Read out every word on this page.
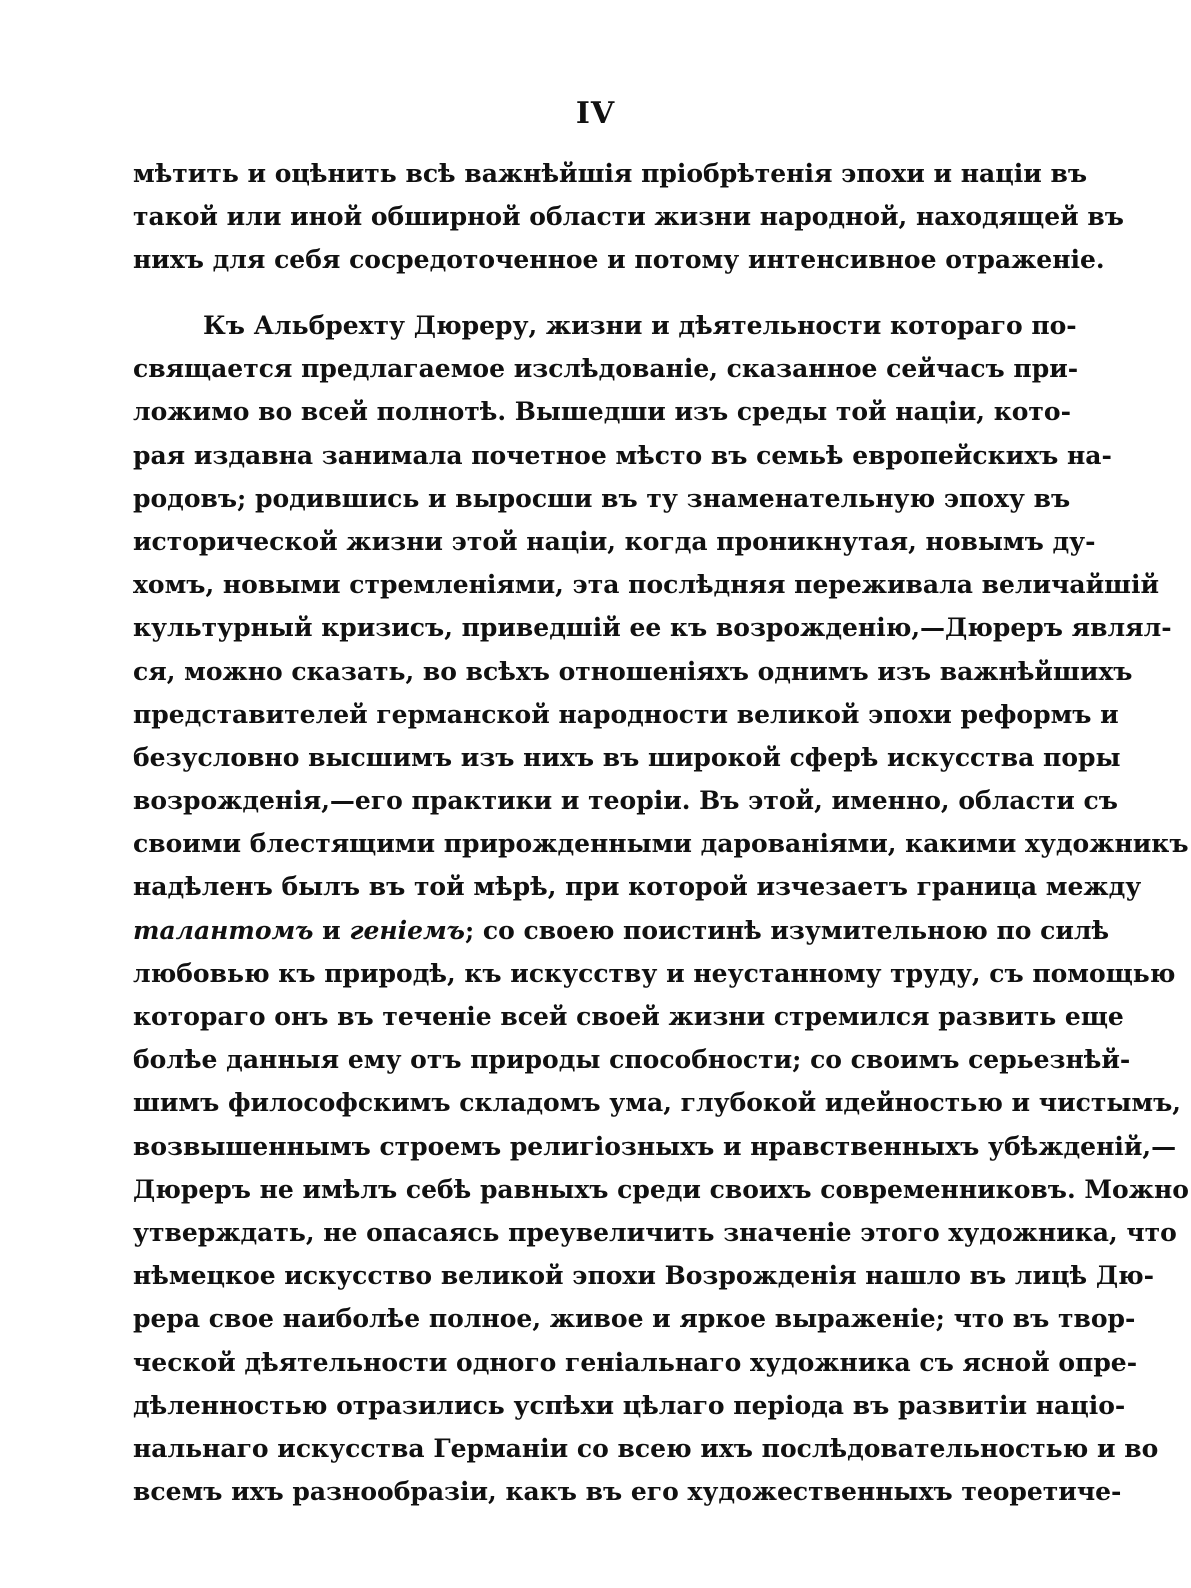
IV
мѣтить и оцѣнить всѣ важнѣйшія пріобрѣтенія эпохи и націи въ
такой или иной обширной области жизни народной, находящей въ
нихъ для себя сосредоточенное и потому интенсивное отраженіе.
Къ Альбрехту Дюреру, жизни и дѣятельности котораго по-
свящается предлагаемое изслѣдованіе, сказанное сейчасъ при-
ложимо во всей полнотѣ. Вышедши изъ среды той націи, кото-
рая издавна занимала почетное мѣсто въ семьѣ европейскихъ на-
родовъ; родившись и выросши въ ту знаменательную эпоху въ
исторической жизни этой націи, когда проникнутая, новымъ ду-
хомъ, новыми стремленіями, эта послѣдняя переживала величайшій
культурный кризисъ, приведшій ее къ возрожденію,—Дюреръ являл-
ся, можно сказать, во всѣхъ отношеніяхъ однимъ изъ важнѣйшихъ
представителей германской народности великой эпохи реформъ и
безусловно высшимъ изъ нихъ въ широкой сферѣ искусства поры
возрожденія,—его практики и теоріи. Въ этой, именно, области съ
своими блестящими прирожденными дарованіями, какими художникъ
надѣленъ былъ въ той мѣрѣ, при которой изчезаетъ граница между
талантомъ и геніемъ; со своею поистинѣ изумительною по силѣ
любовью къ природѣ, къ искусству и неустанному труду, съ помощью
котораго онъ въ теченіе всей своей жизни стремился развить еще
болѣе данныя ему отъ природы способности; со своимъ серьезнѣй-
шимъ философскимъ складомъ ума, глубокой идейностью и чистымъ,
возвышеннымъ строемъ религіозныхъ и нравственныхъ убѣжденій,—
Дюреръ не имѣлъ себѣ равныхъ среди своихъ современниковъ. Можно
утверждать, не опасаясь преувеличить значеніе этого художника, что
нѣмецкое искусство великой эпохи Возрожденія нашло въ лицѣ Дю-
рера свое наиболѣе полное, живое и яркое выраженіе; что въ твор-
ческой дѣятельности одного геніальнаго художника съ ясной опре-
дѣленностью отразились успѣхи цѣлаго періода въ развитіи націо-
нальнаго искусства Германіи со всею ихъ послѣдовательностью и во
всемъ ихъ разнообразіи, какъ въ его художественныхъ теоретиче-
